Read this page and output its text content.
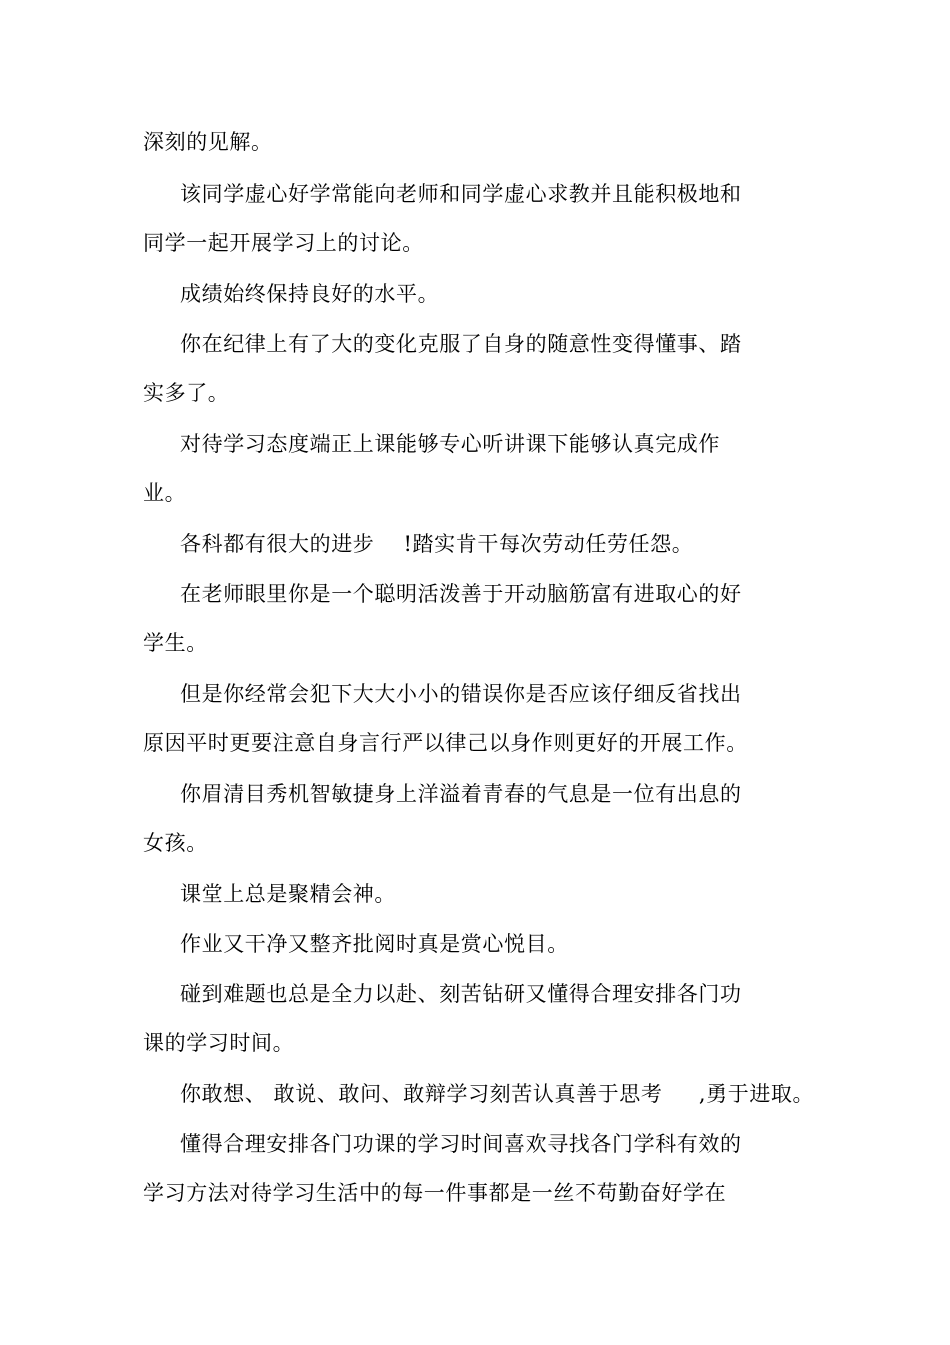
深刻的见解。
该同学虚心好学常能向老师和同学虚心求教并且能积极地和
同学一起开展学习上的讨论。
成绩始终保持良好的水平。
你在纪律上有了大的变化克服了自身的随意性变得懂事、踏
实多了。
对待学习态度端正上课能够专心听讲课下能够认真完成作
业。
各科都有很大的进步    !踏实肯干每次劳动任劳任怨。
在老师眼里你是一个聪明活泼善于开动脑筋富有进取心的好
学生。
但是你经常会犯下大大小小的错误你是否应该仔细反省找出
原因平时更要注意自身言行严以律己以身作则更好的开展工作。
你眉清目秀机智敏捷身上洋溢着青春的气息是一位有出息的
女孩。
课堂上总是聚精会神。
作业又干净又整齐批阅时真是赏心悦目。
碰到难题也总是全力以赴、刻苦钻研又懂得合理安排各门功
课的学习时间。
你敢想、 敢说、敢问、敢辩学习刻苦认真善于思考     ,勇于进取。
懂得合理安排各门功课的学习时间喜欢寻找各门学科有效的
学习方法对待学习生活中的每一件事都是一丝不苟勤奋好学在
